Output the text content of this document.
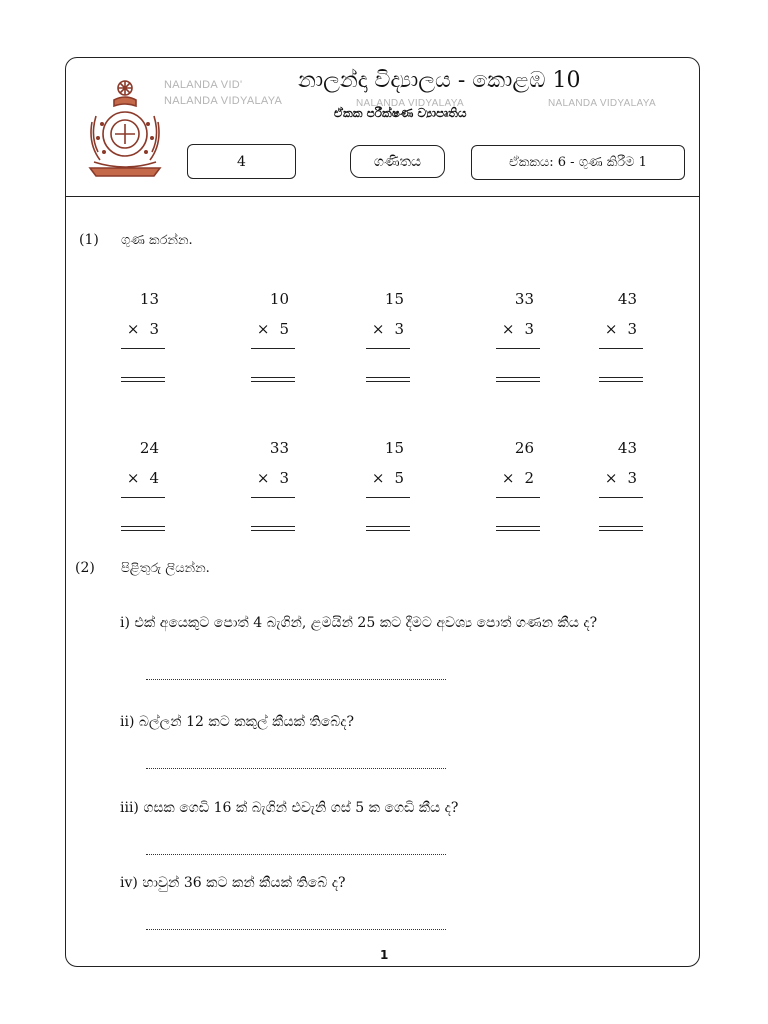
NALANDA VID'
NALANDA VIDYALAYA	NALANDA VIDYALAYA	NALANDA VIDYALAYA
නාලන්දා විද්‍යාලය - කොළඹ 10
ඒකක පරීක්ෂණ ව්‍යාපෘතිය
4	ගණිතය	ඒකකය: 6 - ගුණ කිරීම 1
(1) ගුණ කරන්න.
13
× 3
10
× 5
15
× 3
33
× 3
43
× 3
24
× 4
33
× 3
15
× 5
26
× 2
43
× 3
(2) පිළිතුරු ලියන්න.
i) එක් අයෙකුට පොත් 4 බැගින්, ළමයින් 25 කට දීමට අවශ්‍ය පොත් ගණන කීය ද?
ii) බල්ලන් 12 කට කකුල් කීයක් තිබේද?
iii) ගසක ගෙඩි 16 ක් බැගින් එවැනි ගස් 5 ක ගෙඩි කීය ද?
iv) හාවුන් 36 කට කන් කීයක් තිබේ ද?
1
